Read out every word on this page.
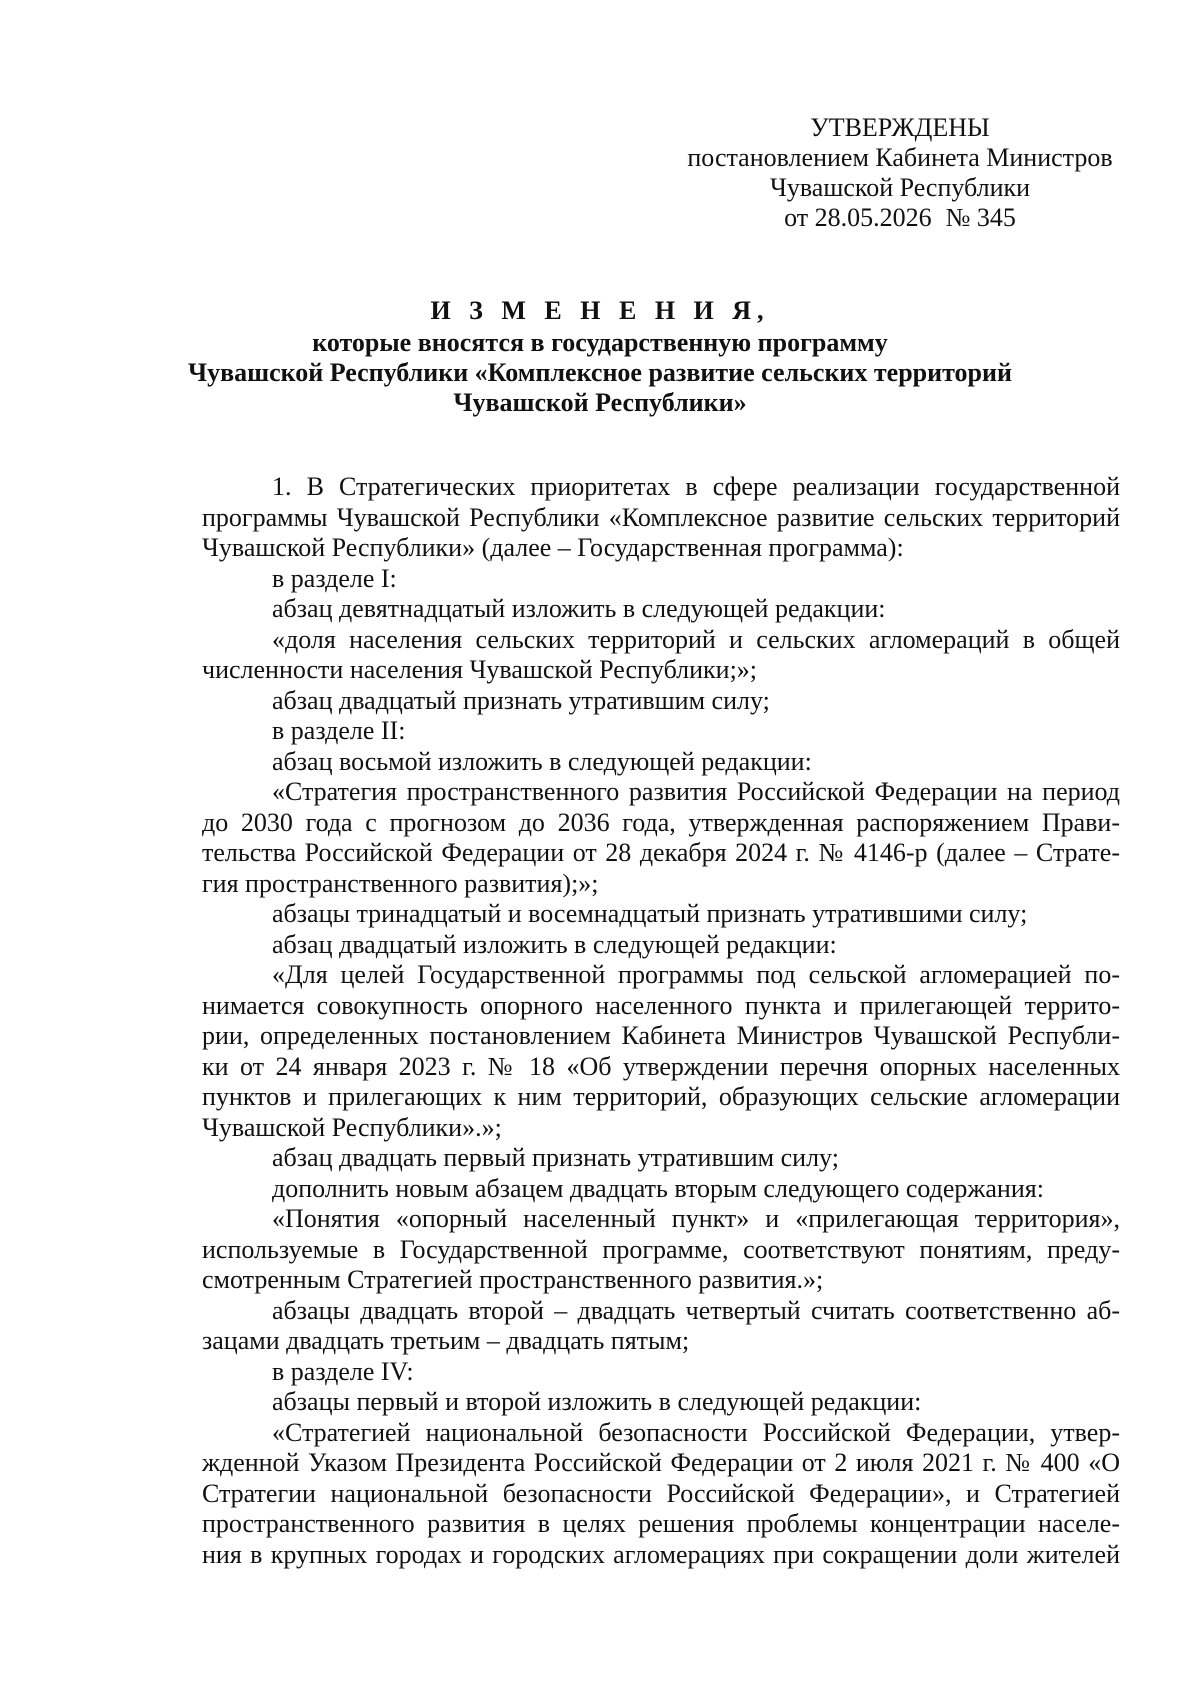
УТВЕРЖДЕНЫ
постановлением Кабинета Министров
Чувашской Республики
от 28.05.2026 № 345
И З М Е Н Е Н И Я,
которые вносятся в государственную программу
Чувашской Республики «Комплексное развитие сельских территорий
Чувашской Республики»
1. В Стратегических приоритетах в сфере реализации государственной
программы Чувашской Республики «Комплексное развитие сельских территорий
Чувашской Республики» (далее – Государственная программа):
в разделе I:
абзац девятнадцатый изложить в следующей редакции:
«доля населения сельских территорий и сельских агломераций в общей
численности населения Чувашской Республики;»;
абзац двадцатый признать утратившим силу;
в разделе II:
абзац восьмой изложить в следующей редакции:
«Стратегия пространственного развития Российской Федерации на период
до 2030 года с прогнозом до 2036 года, утвержденная распоряжением Прави-
тельства Российской Федерации от 28 декабря 2024 г. № 4146-р (далее – Страте-
гия пространственного развития);»;
абзацы тринадцатый и восемнадцатый признать утратившими силу;
абзац двадцатый изложить в следующей редакции:
«Для целей Государственной программы под сельской агломерацией по-
нимается совокупность опорного населенного пункта и прилегающей террито-
рии, определенных постановлением Кабинета Министров Чувашской Республи-
ки от 24 января 2023 г. № 18 «Об утверждении перечня опорных населенных
пунктов и прилегающих к ним территорий, образующих сельские агломерации
Чувашской Республики».»;
абзац двадцать первый признать утратившим силу;
дополнить новым абзацем двадцать вторым следующего содержания:
«Понятия «опорный населенный пункт» и «прилегающая территория»,
используемые в Государственной программе, соответствуют понятиям, преду-
смотренным Стратегией пространственного развития.»;
абзацы двадцать второй – двадцать четвертый считать соответственно аб-
зацами двадцать третьим – двадцать пятым;
в разделе IV:
абзацы первый и второй изложить в следующей редакции:
«Стратегией национальной безопасности Российской Федерации, утвер-
жденной Указом Президента Российской Федерации от 2 июля 2021 г. № 400 «О
Стратегии национальной безопасности Российской Федерации», и Стратегией
пространственного развития в целях решения проблемы концентрации населе-
ния в крупных городах и городских агломерациях при сокращении доли жителей
